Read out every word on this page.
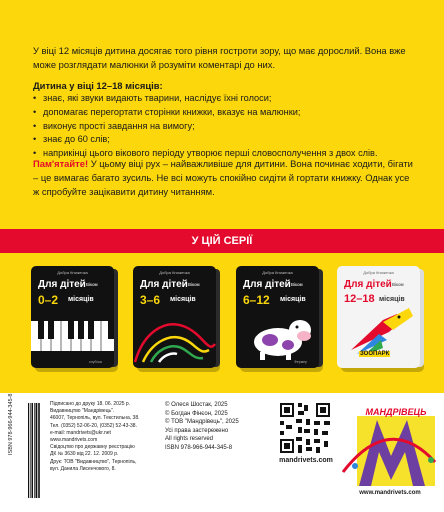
У віці 12 місяців дитина досягає того рівня гостроти зору, що має дорослий. Вона вже може розглядати малюнки й розуміти коментарі до них.

Дитина у віці 12–18 місяців:

• знає, які звуки видають тварини, наслідує їхні голоси;
• допомагає перегортати сторінки книжки, вказує на малюнки;
• виконує прості завдання на вимогу;
• знає до 60 слів;
• наприкінці цього вікового періоду утворює перші словосполучення з двох слів.

Пам'ятайте! У цьому віці рух – найважливіше для дитини. Вона починає ходити, бігати – це вимагає багато зусиль. Не всі можуть спокійно сидіти й гортати книжку. Однак усе ж спробуйте зацікавити дитину читанням.

У ЦІЙ СЕРІЇ
Добра Книжечка
Для дітей Віком
0–2 місяців
клубоок
Добра Книжечка
Для дітей Віком
3–6 місяців
Добра Книжечка
Для дітей Віком
6–12 місяців
Фермер
Добра Книжечка
Для дітей Віком
12–18 місяців
ЗООПАРК
ISBN 978-966-944-345-8	Підписано до друку 18. 06. 2025 р.
Видавництво "Мандрівець".
46007, Тернопіль, вул. Текстильна, 38.
Тел. (0352) 52-06-20, (0352) 52-43-38.
e-mail: mandrivets@ukr.net
www.mandrivets.com
Свідоцтво про державну реєстрацію
ДК № 3630 від 22. 12. 2009 р.
Друк: ТОВ "Видавництво", Тернопіль,
вул. Данила Лисенчового, 8.
© Олеся Шостак, 2025
© Богдан Фінєон, 2025
© ТОВ "Мандрівець", 2025
Усі права застережено
All rights reserved
ISBN 978-966-944-345-8
mandrivets.com
МАНДРІВЕЦЬ
www.mandrivets.com
